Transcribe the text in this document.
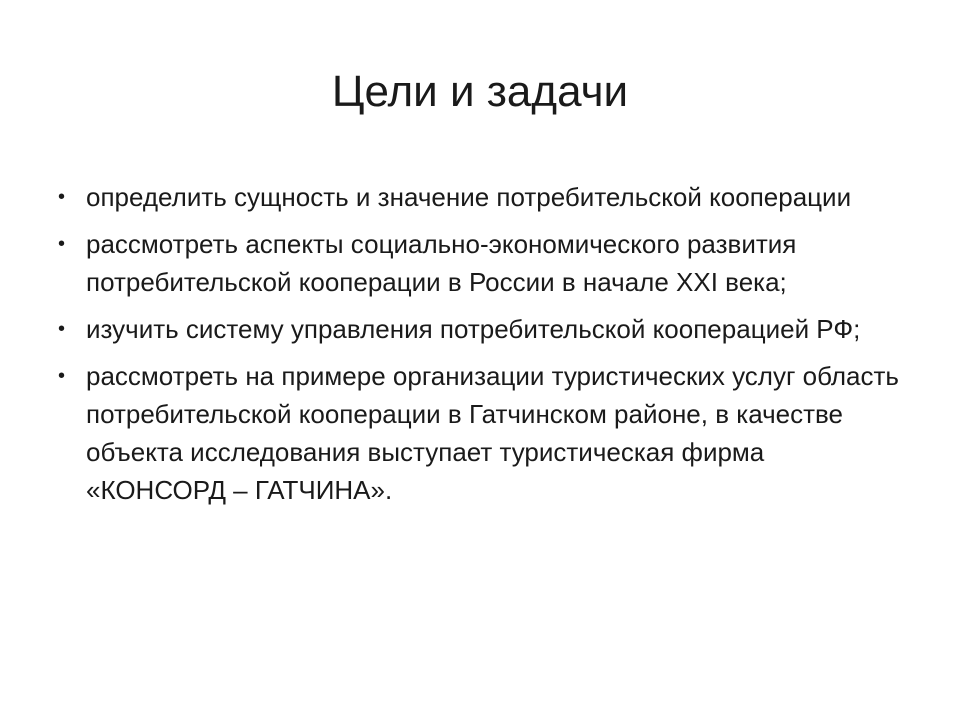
Цели и задачи
• определить сущность и значение потребительской кооперации
• рассмотреть аспекты социально-экономического развития потребительской кооперации в России в начале XXI века;
• изучить систему управления потребительской кооперацией РФ;
• рассмотреть на примере организации туристических услуг область потребительской кооперации в Гатчинском районе, в качестве объекта исследования выступает туристическая фирма «КОНСОРД – ГАТЧИНА».
